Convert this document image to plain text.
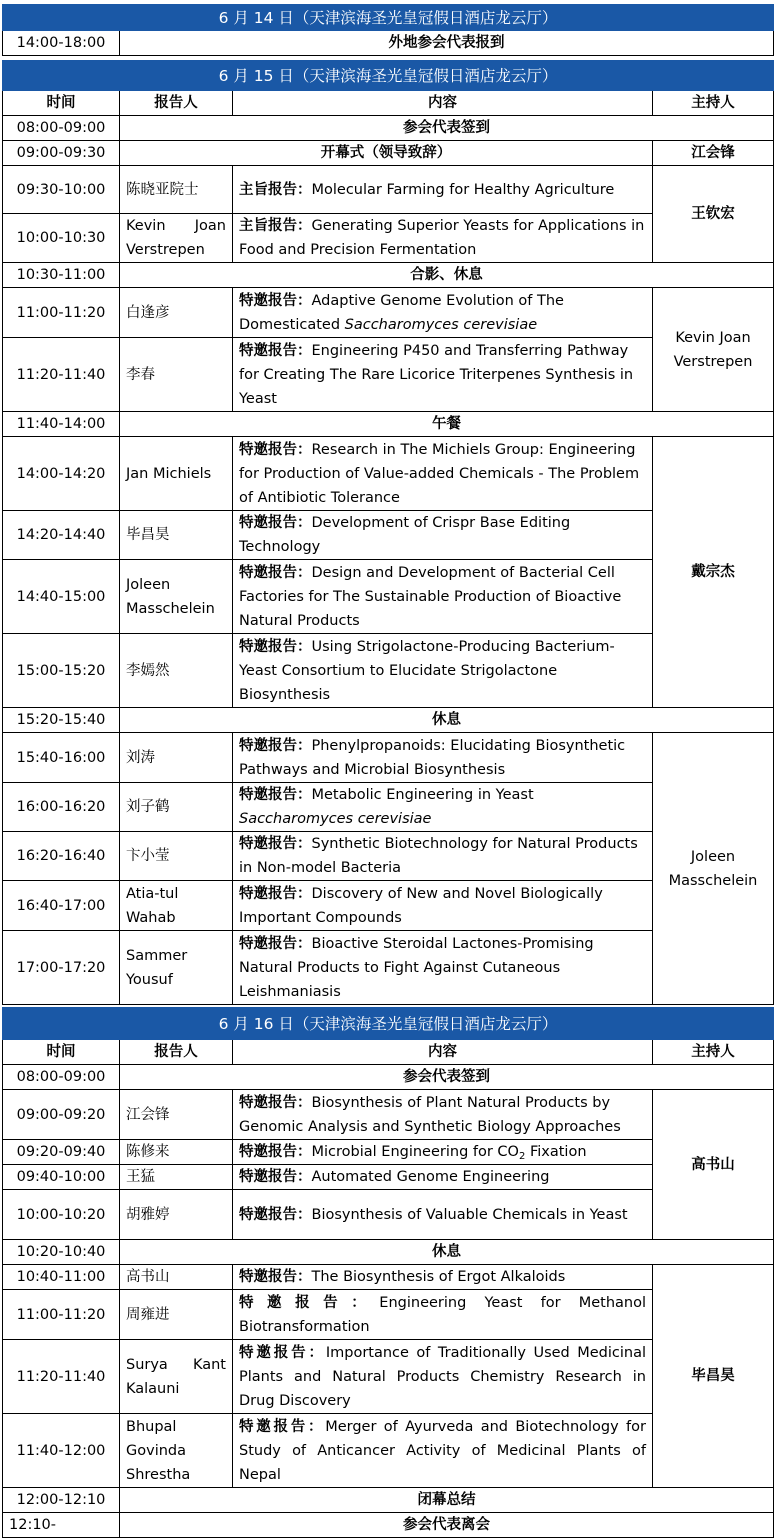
6 月 14 日（天津滨海圣光皇冠假日酒店龙云厅）
14:00-18:00	外地参会代表报到
6 月 15 日（天津滨海圣光皇冠假日酒店龙云厅）			
时间	报告人	内容	主持人
08:00-09:00	参会代表签到		
09:00-09:30	开幕式（领导致辞）		江会锋
09:30-10:00	陈晓亚院士	主旨报告：Molecular Farming for Healthy Agriculture	王钦宏
10:00-10:30	Kevin Joan Verstrepen	主旨报告：Generating Superior Yeasts for Applications in Food and Precision Fermentation	
10:30-11:00	合影、休息		
11:00-11:20	白逢彦	特邀报告：Adaptive Genome Evolution of The Domesticated Saccharomyces cerevisiae	Kevin Joan Verstrepen
11:20-11:40	李春	特邀报告：Engineering P450 and Transferring Pathway for Creating The Rare Licorice Triterpenes Synthesis in Yeast	
11:40-14:00	午餐		
14:00-14:20	Jan Michiels	特邀报告：Research in The Michiels Group: Engineering for Production of Value-added Chemicals - The Problem of Antibiotic Tolerance	戴宗杰
14:20-14:40	毕昌昊	特邀报告：Development of Crispr Base Editing Technology	
14:40-15:00	Joleen Masschelein	特邀报告：Design and Development of Bacterial Cell Factories for The Sustainable Production of Bioactive Natural Products	
15:00-15:20	李嫣然	特邀报告：Using Strigolactone-Producing Bacterium-Yeast Consortium to Elucidate Strigolactone Biosynthesis	
15:20-15:40	休息		
15:40-16:00	刘涛	特邀报告：Phenylpropanoids: Elucidating Biosynthetic Pathways and Microbial Biosynthesis	Joleen Masschelein
16:00-16:20	刘子鹤	特邀报告：Metabolic Engineering in Yeast Saccharomyces cerevisiae	
16:20-16:40	卞小莹	特邀报告：Synthetic Biotechnology for Natural Products in Non-model Bacteria	
16:40-17:00	Atia-tul Wahab	特邀报告：Discovery of New and Novel Biologically Important Compounds	
17:00-17:20	Sammer Yousuf	特邀报告：Bioactive Steroidal Lactones-Promising Natural Products to Fight Against Cutaneous Leishmaniasis	
6 月 16 日（天津滨海圣光皇冠假日酒店龙云厅）			
时间	报告人	内容	主持人
08:00-09:00	参会代表签到		
09:00-09:20	江会锋	特邀报告：Biosynthesis of Plant Natural Products by Genomic Analysis and Synthetic Biology Approaches	高书山
09:20-09:40	陈修来	特邀报告：Microbial Engineering for $CO_2$ Fixation	
09:40-10:00	王猛	特邀报告：Automated Genome Engineering	
10:00-10:20	胡雅婷	特邀报告：Biosynthesis of Valuable Chemicals in Yeast	
10:20-10:40	休息		
10:40-11:00	高书山	特邀报告：The Biosynthesis of Ergot Alkaloids	毕昌昊
11:00-11:20	周雍进	特邀报告：Engineering Yeast for Methanol Biotransformation	
11:20-11:40	Surya Kant Kalauni	特邀报告：Importance of Traditionally Used Medicinal Plants and Natural Products Chemistry Research in Drug Discovery	
11:40-12:00	Bhupal Govinda Shrestha	特邀报告：Merger of Ayurveda and Biotechnology for Study of Anticancer Activity of Medicinal Plants of Nepal	
12:00-12:10	闭幕总结		
12:10-	参会代表离会		
